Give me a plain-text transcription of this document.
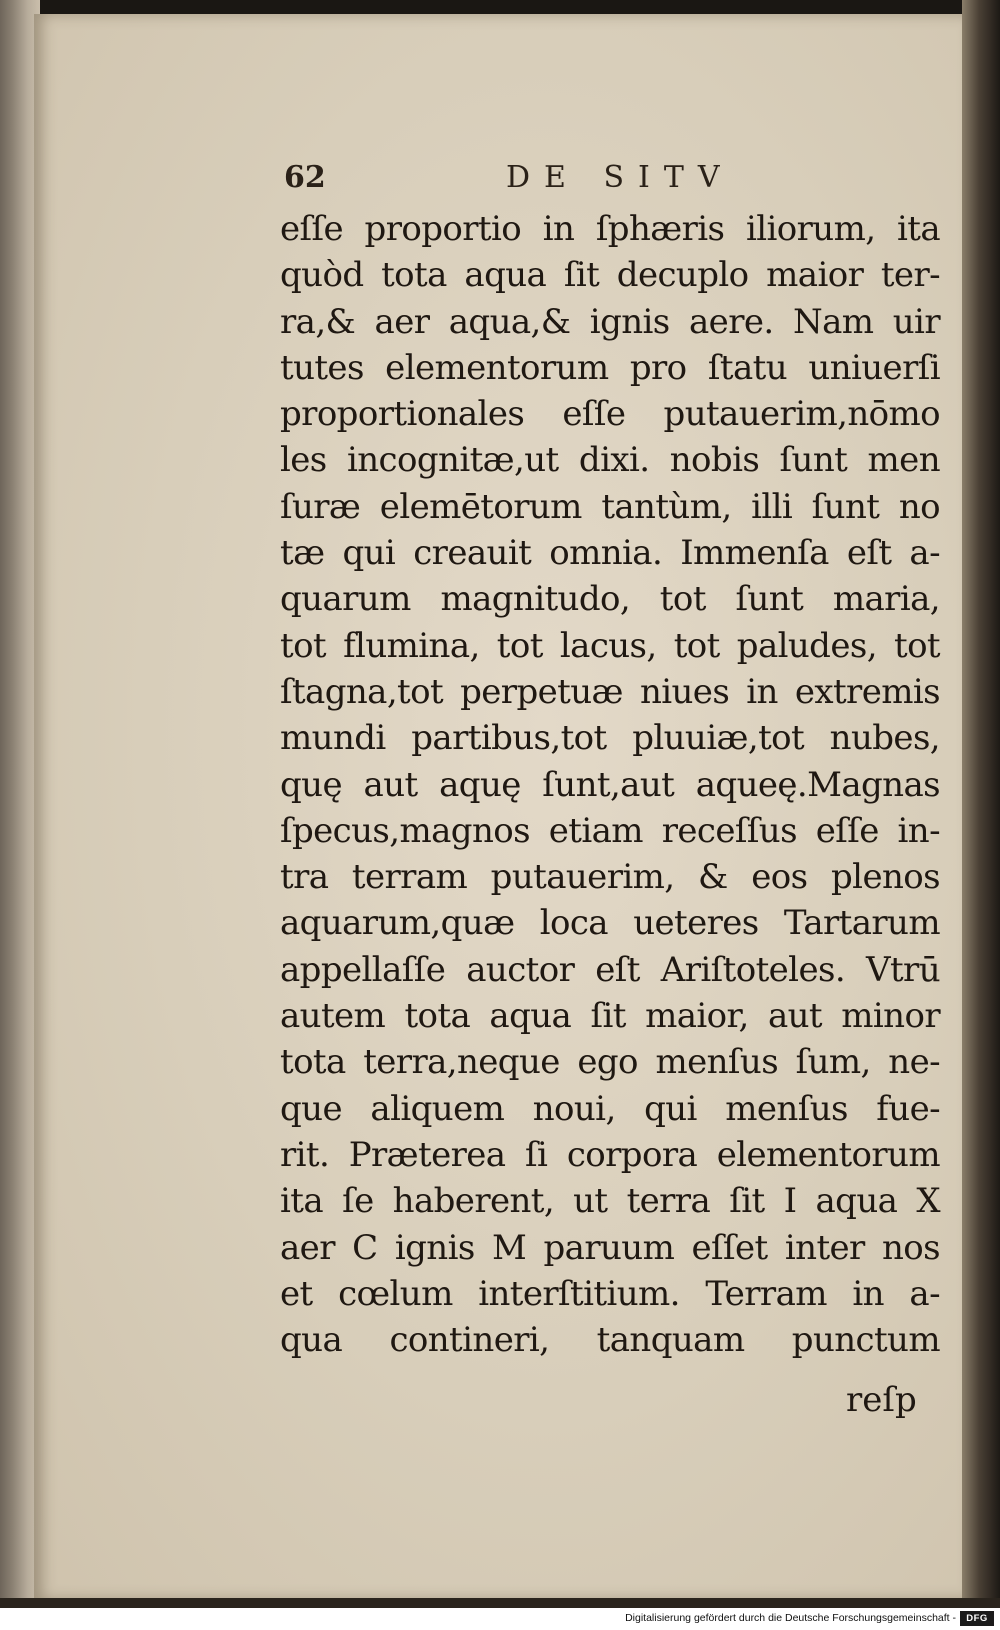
62	DE SITV
eſſe proportio in ſphæris iliorum, ita
quòd tota aqua ſit decuplo maior ter-
ra,& aer aqua,& ignis aere. Nam uir
tutes elementorum pro ſtatu uniuerſi
proportionales eſſe putauerim,nōmo
les incognitæ,ut dixi. nobis ſunt men
ſuræ elemētorum tantùm, illi ſunt no
tæ qui creauit omnia. Immenſa eſt a-
quarum magnitudo, tot ſunt maria,
tot flumina, tot lacus, tot paludes, tot
ſtagna,tot perpetuæ niues in extremis
mundi partibus,tot pluuiæ,tot nubes,
quę aut aquę ſunt,aut aqueę.Magnas
ſpecus,magnos etiam receſſus eſſe in-
tra terram putauerim, & eos plenos
aquarum,quæ loca ueteres Tartarum
appellaſſe auctor eſt Ariſtoteles. Vtrū
autem tota aqua ſit maior, aut minor
tota terra,neque ego menſus ſum, ne-
que aliquem noui, qui menſus fue-
rit. Præterea ſi corpora elementorum
ita ſe haberent, ut terra ſit I aqua X
aer C ignis M paruum eſſet inter nos
et cœlum interſtitium. Terram in a-
qua contineri, tanquam punctum
reſp
Digitalisierung gefördert durch die Deutsche Forschungsgemeinschaft -	DFG
